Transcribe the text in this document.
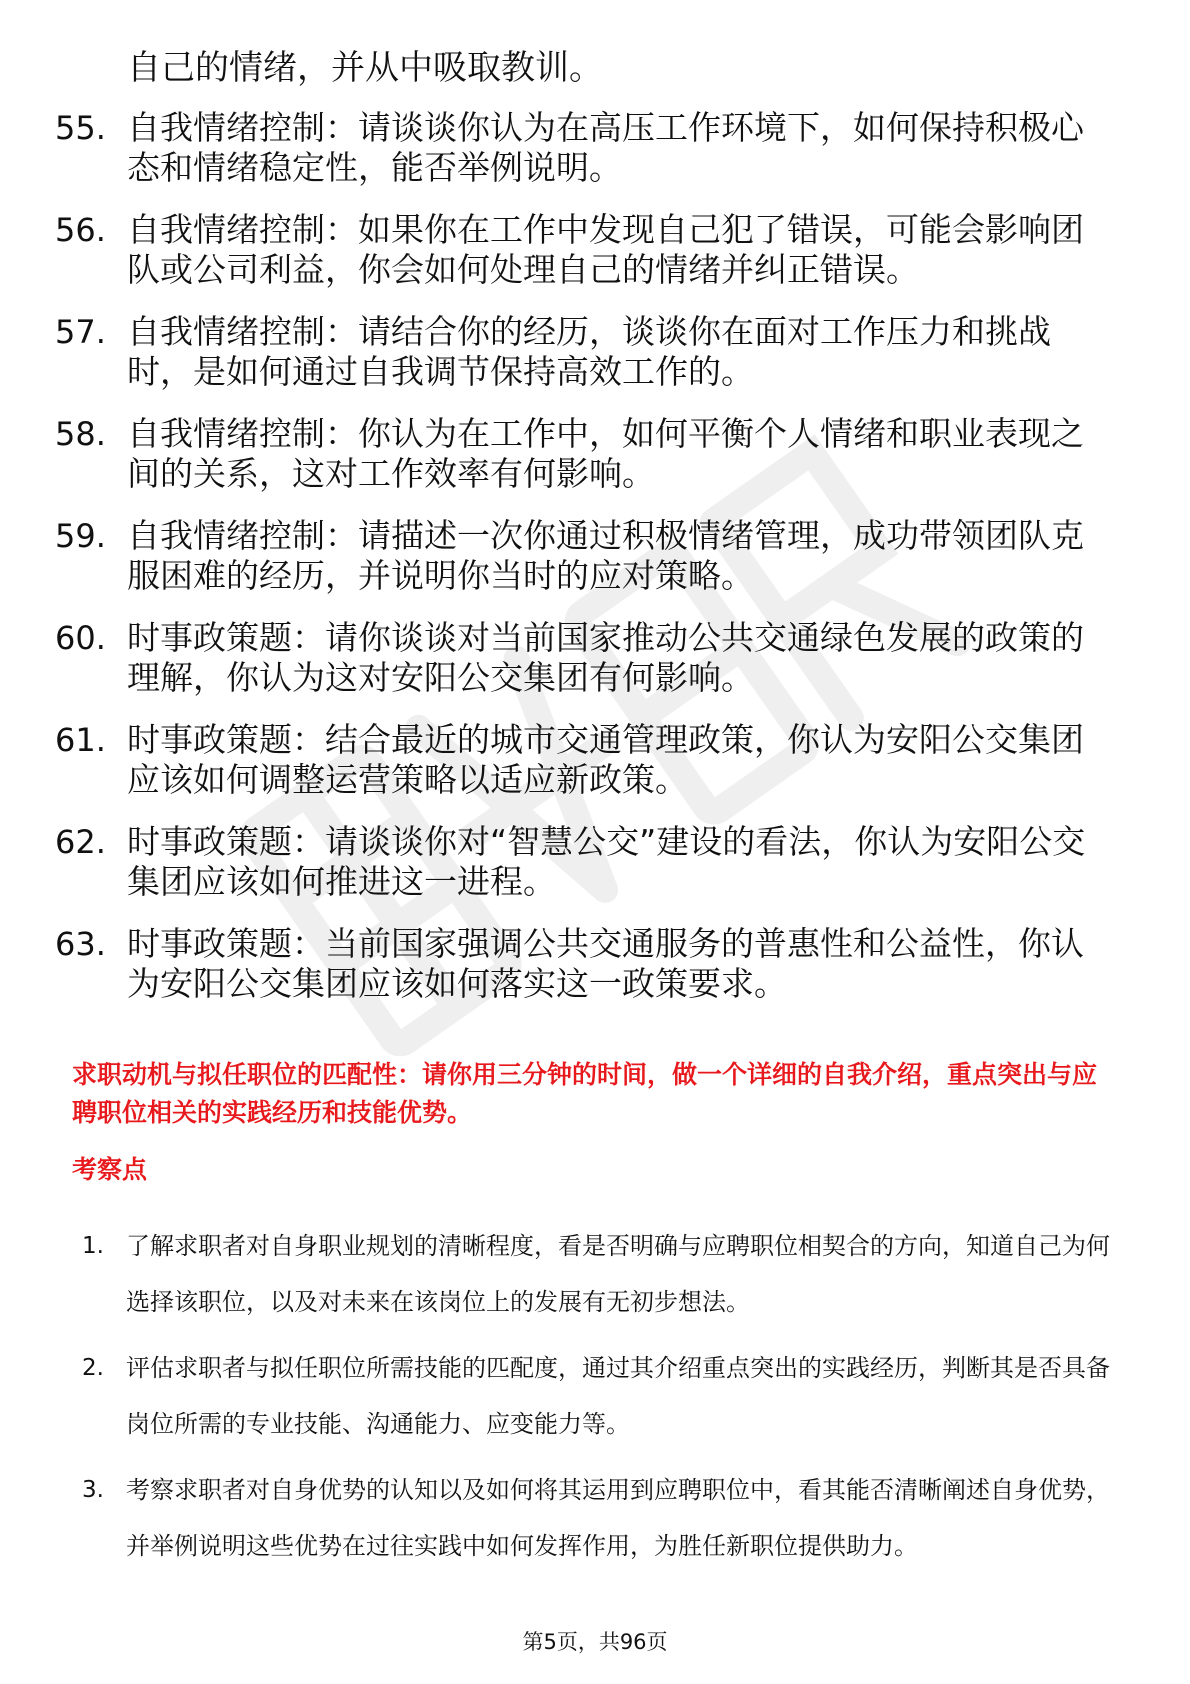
自己的情绪，并从中吸取教训。
55. 自我情绪控制：请谈谈你认为在高压工作环境下，如何保持积极心态和情绪稳定性，能否举例说明。
56. 自我情绪控制：如果你在工作中发现自己犯了错误，可能会影响团队或公司利益，你会如何处理自己的情绪并纠正错误。
57. 自我情绪控制：请结合你的经历，谈谈你在面对工作压力和挑战时，是如何通过自我调节保持高效工作的。
58. 自我情绪控制：你认为在工作中，如何平衡个人情绪和职业表现之间的关系，这对工作效率有何影响。
59. 自我情绪控制：请描述一次你通过积极情绪管理，成功带领团队克服困难的经历，并说明你当时的应对策略。
60. 时事政策题：请你谈谈对当前国家推动公共交通绿色发展的政策的理解，你认为这对安阳公交集团有何影响。
61. 时事政策题：结合最近的城市交通管理政策，你认为安阳公交集团应该如何调整运营策略以适应新政策。
62. 时事政策题：请谈谈你对“智慧公交”建设的看法，你认为安阳公交集团应该如何推进这一进程。
63. 时事政策题：当前国家强调公共交通服务的普惠性和公益性，你认为安阳公交集团应该如何落实这一政策要求。
求职动机与拟任职位的匹配性：请你用三分钟的时间，做一个详细的自我介绍，重点突出与应聘职位相关的实践经历和技能优势。
考察点
1. 了解求职者对自身职业规划的清晰程度，看是否明确与应聘职位相契合的方向，知道自己为何选择该职位，以及对未来在该岗位上的发展有无初步想法。
2. 评估求职者与拟任职位所需技能的匹配度，通过其介绍重点突出的实践经历，判断其是否具备岗位所需的专业技能、沟通能力、应变能力等。
3. 考察求职者对自身优势的认知以及如何将其运用到应聘职位中，看其能否清晰阐述自身优势，并举例说明这些优势在过往实践中如何发挥作用，为胜任新职位提供助力。
第5页，共96页
